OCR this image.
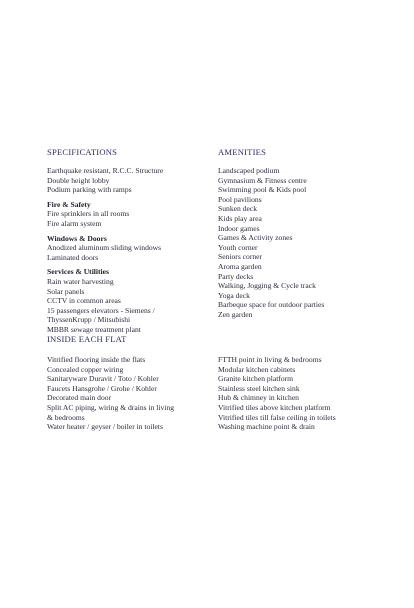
SPECIFICATIONS
Earthquake resistant, R.C.C. Structure
Double height lobby
Podium parking with ramps
Fire & Safety
Fire sprinklers in all rooms
Fire alarm system
Windows & Doors
Anodized aluminum sliding windows
Laminated doors
Services & Utilities
Rain water harvesting
Solar panels
CCTV in common areas
15 passengers elevators - Siemens /
ThyssenKrupp / Mitsubishi
MBBR sewage treatment plant
AMENITIES
Landscaped podium
Gymnasium & Fitness centre
Swimming pool & Kids pool
Pool pavilions
Sunken deck
Kids play area
Indoor games
Games & Activity zones
Youth corner
Seniors corner
Aroma garden
Party decks
Walking, Jogging & Cycle track
Yoga deck
Barbeque space for outdoor parties
Zen garden
INSIDE EACH FLAT
Vitrified flooring inside the flats
Concealed copper wiring
Sanitaryware Duravit / Toto / Kohler
Faucets Hansgrohe / Grohe / Kohler
Decorated main door
Split AC piping, wiring & drains in living
& bedrooms
Water heater / geyser / boiler in toilets
FTTH point in living & bedrooms
Modular kitchen cabinets
Granite kitchen platform
Stainless steel kitchen sink
Hub & chimney in kitchen
Vitrified tiles above kitchen platform
Vitrified tiles till false ceiling in toilets
Washing machine point & drain
